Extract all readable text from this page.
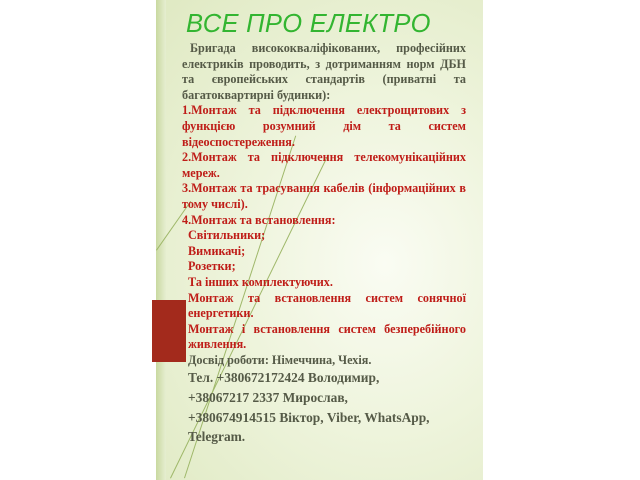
ВСЕ ПРО ЕЛЕКТРО

Бригада висококваліфікованих, професійних електриків проводить, з дотриманням норм ДБН та європейських стандартів (приватні та багатоквартирні будинки):

1.Монтаж та підключення електрощитових з функцією розумний дім та систем відеоспостереження.

2.Монтаж та підключення телекомунікаційних мереж.

3.Монтаж та трасування кабелів (інформаційних в тому числі).

4.Монтаж та встановлення:

Світильники;

Вимикачі;

Розетки;

Та інших комплектуючих.

Монтаж та встановлення систем сонячної енергетики.

Монтаж і встановлення систем безперебійного живлення.

Досвід роботи: Німеччина, Чехія.

Тел. +380672172424 Володимир,

+38067217 2337 Мирослав,

+380674914515 Віктор, Viber, WhatsApp, Telegram.
